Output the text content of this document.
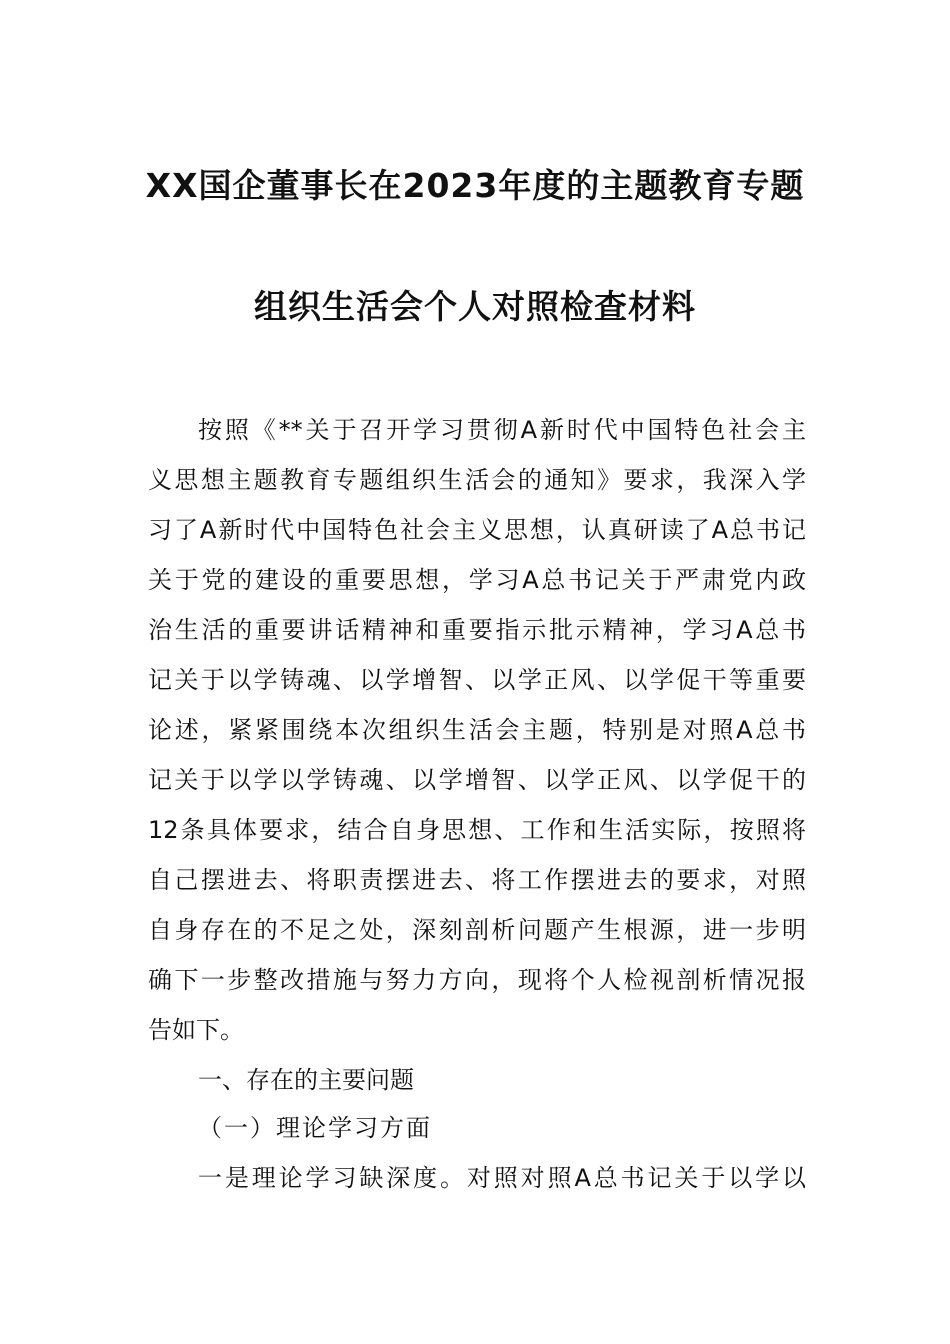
XX国企董事长在2023年度的主题教育专题
组织生活会个人对照检查材料
按照《**关于召开学习贯彻A新时代中国特色社会主
义思想主题教育专题组织生活会的通知》要求，我深入学
习了A新时代中国特色社会主义思想，认真研读了A总书记
关于党的建设的重要思想，学习A总书记关于严肃党内政
治生活的重要讲话精神和重要指示批示精神，学习A总书
记关于以学铸魂、以学增智、以学正风、以学促干等重要
论述，紧紧围绕本次组织生活会主题，特别是对照A总书
记关于以学以学铸魂、以学增智、以学正风、以学促干的
12条具体要求，结合自身思想、工作和生活实际，按照将
自己摆进去、将职责摆进去、将工作摆进去的要求，对照
自身存在的不足之处，深刻剖析问题产生根源，进一步明
确下一步整改措施与努力方向，现将个人检视剖析情况报
告如下。
一、存在的主要问题
（一）理论学习方面
一是理论学习缺深度。对照对照A总书记关于以学以
